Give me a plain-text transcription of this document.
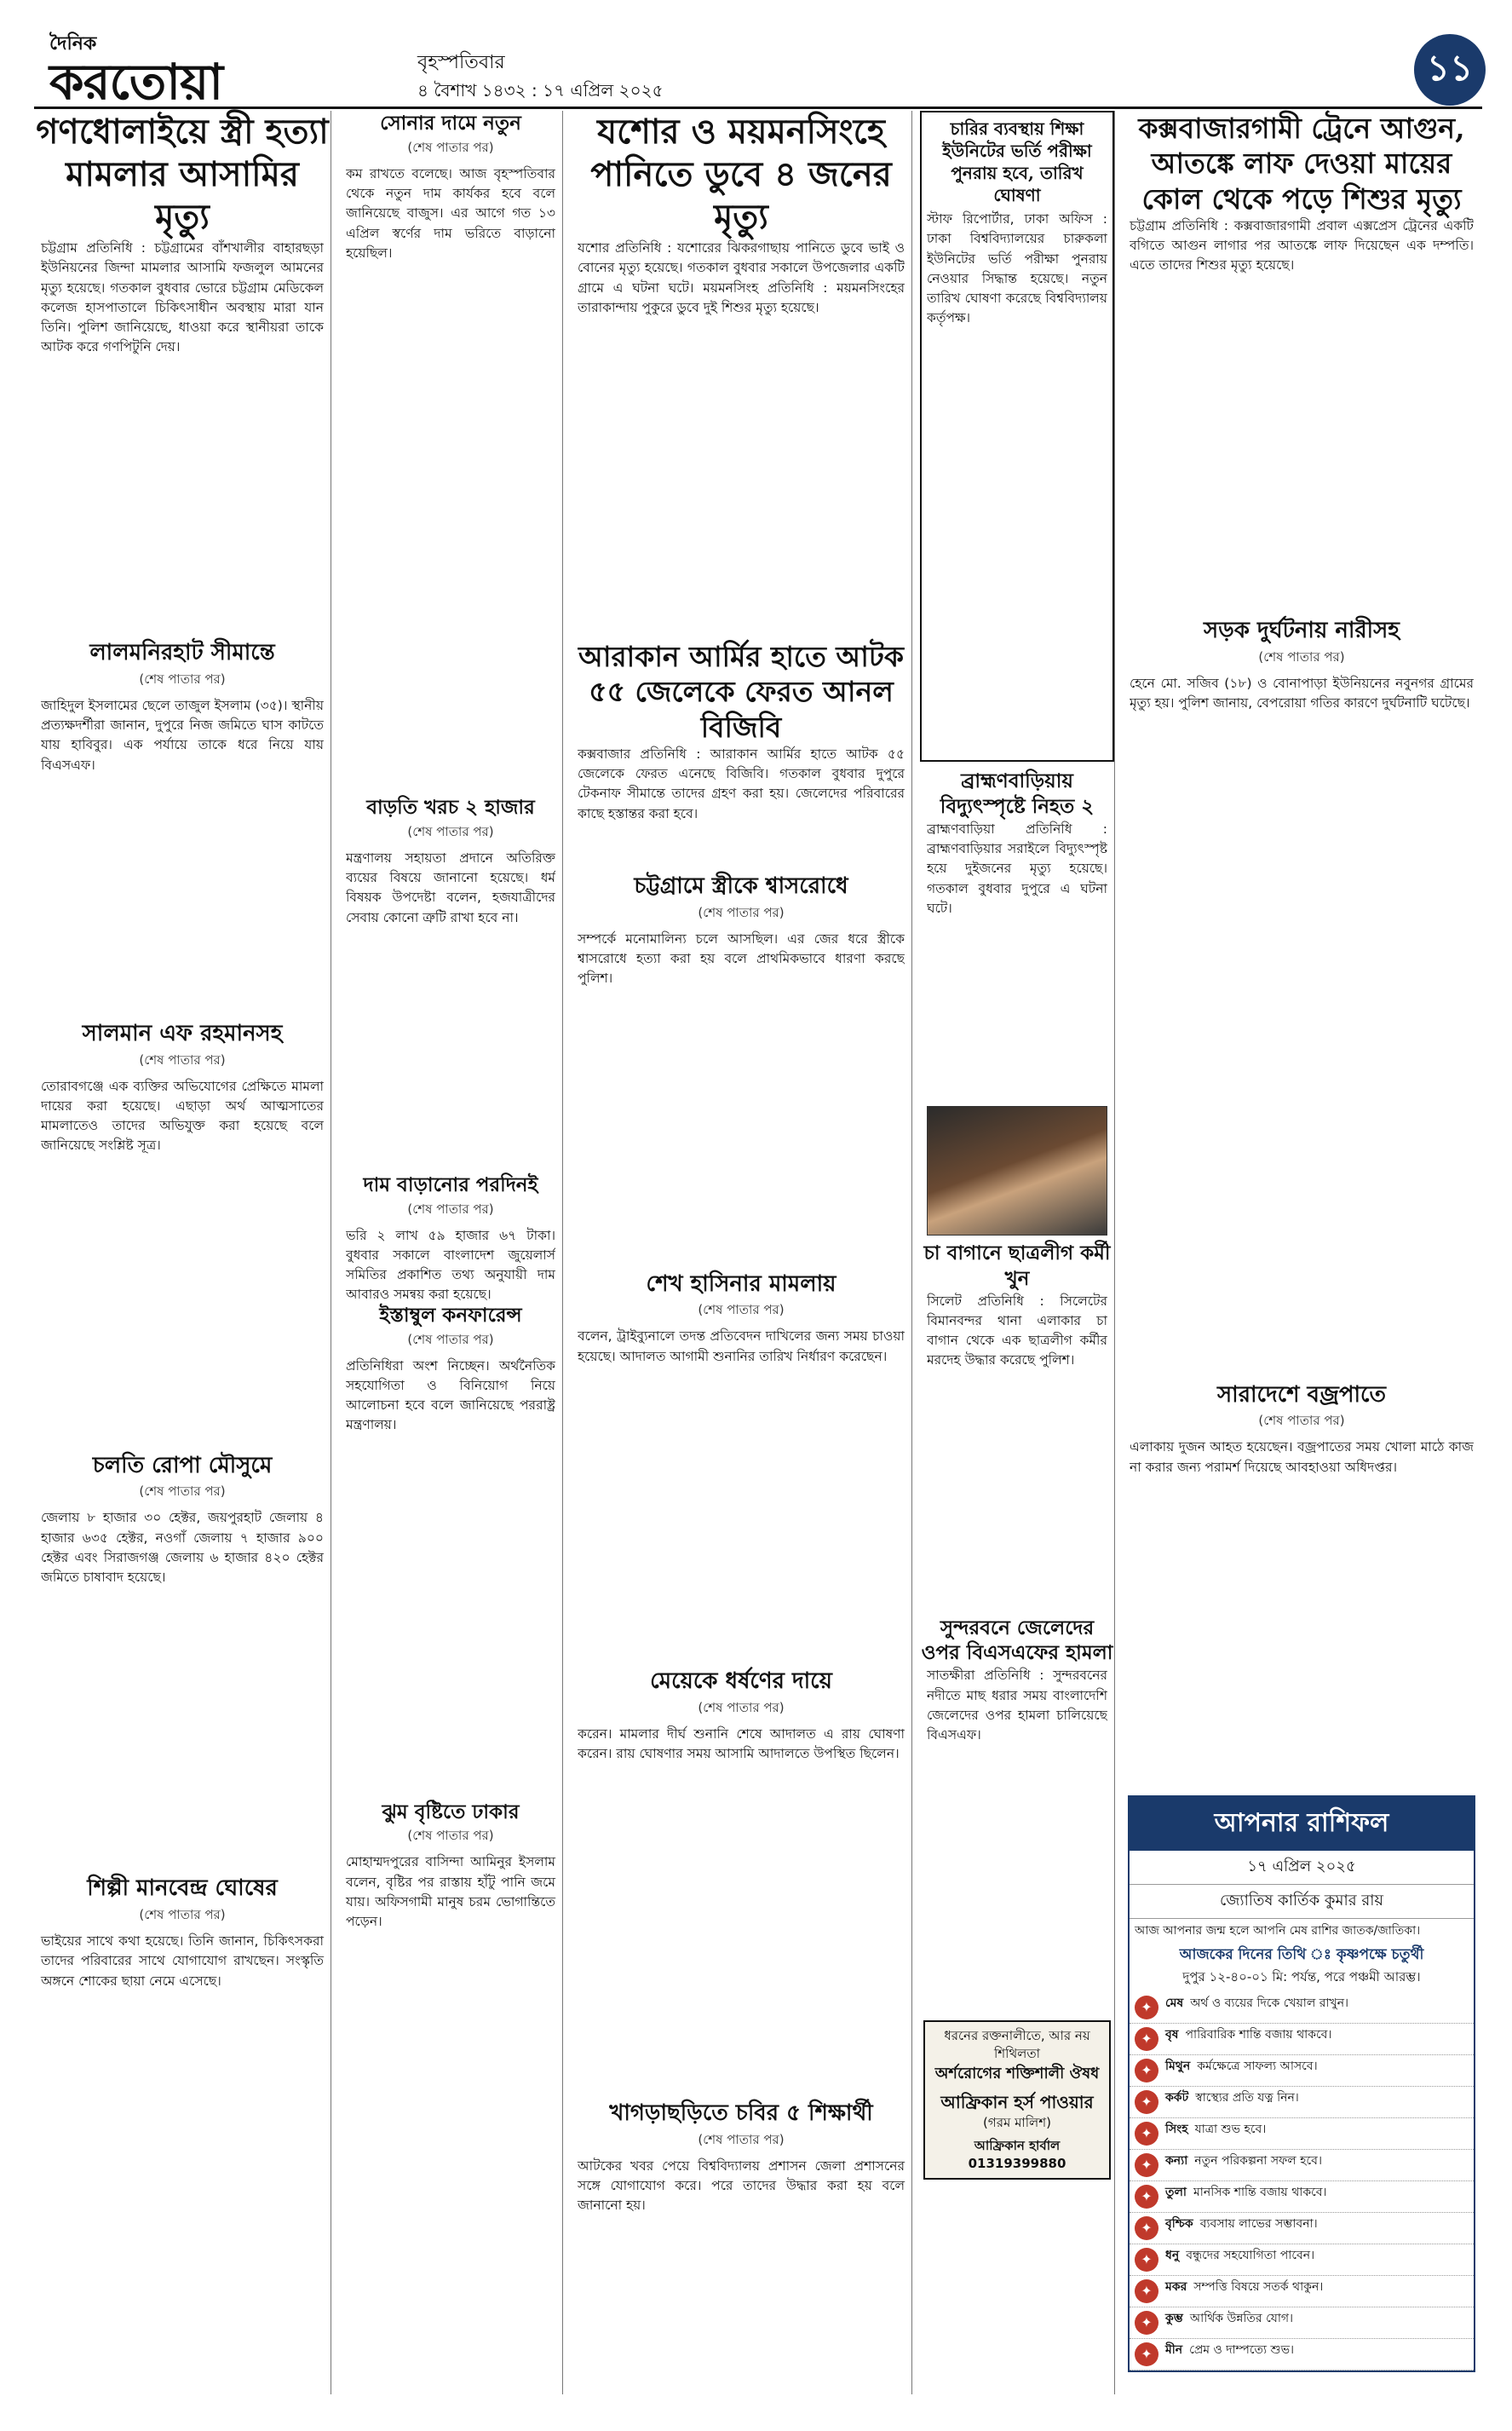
দৈনিক
করতোয়া	বৃহস্পতিবার
৪ বৈশাখ ১৪৩২ : ১৭ এপ্রিল ২০২৫
১১
গণধোলাইয়ে স্ত্রী হত্যা মামলার আসামির মৃত্যু

চট্টগ্রাম প্রতিনিধি : চট্টগ্রামের বাঁশখালীর বাহারছড়া ইউনিয়নের জিন্দা মামলার আসামি ফজলুল আমনের মৃত্যু হয়েছে। গতকাল বুধবার ভোরে চট্টগ্রাম মেডিকেল কলেজ হাসপাতালে চিকিৎসাধীন অবস্থায় মারা যান তিনি। পুলিশ জানিয়েছে, ধাওয়া করে স্থানীয়রা তাকে আটক করে গণপিটুনি দেয়।

লালমনিরহাট সীমান্তে
(শেষ পাতার পর)

জাহিদুল ইসলামের ছেলে তাজুল ইসলাম (৩৫)। স্থানীয় প্রত্যক্ষদর্শীরা জানান, দুপুরে নিজ জমিতে ঘাস কাটতে যায় হাবিবুর। এক পর্যায়ে তাকে ধরে নিয়ে যায় বিএসএফ।

সালমান এফ রহমানসহ
(শেষ পাতার পর)

তোরাবগঞ্জে এক ব্যক্তির অভিযোগের প্রেক্ষিতে মামলা দায়ের করা হয়েছে। এছাড়া অর্থ আত্মসাতের মামলাতেও তাদের অভিযুক্ত করা হয়েছে বলে জানিয়েছে সংশ্লিষ্ট সূত্র।

চলতি রোপা মৌসুমে
(শেষ পাতার পর)

জেলায় ৮ হাজার ৩০ হেক্টর, জয়পুরহাট জেলায় ৪ হাজার ৬৩৫ হেক্টর, নওগাঁ জেলায় ৭ হাজার ৯০০ হেক্টর এবং সিরাজগঞ্জ জেলায় ৬ হাজার ৪২০ হেক্টর জমিতে চাষাবাদ হয়েছে।

শিল্পী মানবেন্দ্র ঘোষের
(শেষ পাতার পর)

ভাইয়ের সাথে কথা হয়েছে। তিনি জানান, চিকিৎসকরা তাদের পরিবারের সাথে যোগাযোগ রাখছেন। সংস্কৃতি অঙ্গনে শোকের ছায়া নেমে এসেছে।

সোনার দামে নতুন
(শেষ পাতার পর)

কম রাখতে বলেছে। আজ বৃহস্পতিবার থেকে নতুন দাম কার্যকর হবে বলে জানিয়েছে বাজুস। এর আগে গত ১৩ এপ্রিল স্বর্ণের দাম ভরিতে বাড়ানো হয়েছিল।

বাড়তি খরচ ২ হাজার
(শেষ পাতার পর)

মন্ত্রণালয় সহায়তা প্রদানে অতিরিক্ত ব্যয়ের বিষয়ে জানানো হয়েছে। ধর্ম বিষয়ক উপদেষ্টা বলেন, হজযাত্রীদের সেবায় কোনো ত্রুটি রাখা হবে না।

দাম বাড়ানোর পরদিনই
(শেষ পাতার পর)

ভরি ২ লাখ ৫৯ হাজার ৬৭ টাকা। বুধবার সকালে বাংলাদেশ জুয়েলার্স সমিতির প্রকাশিত তথ্য অনুযায়ী দাম আবারও সমন্বয় করা হয়েছে।

ইস্তাম্বুল কনফারেন্স
(শেষ পাতার পর)

প্রতিনিধিরা অংশ নিচ্ছেন। অর্থনৈতিক সহযোগিতা ও বিনিয়োগ নিয়ে আলোচনা হবে বলে জানিয়েছে পররাষ্ট্র মন্ত্রণালয়।

ঝুম বৃষ্টিতে ঢাকার
(শেষ পাতার পর)

মোহাম্মদপুরের বাসিন্দা আমিনুর ইসলাম বলেন, বৃষ্টির পর রাস্তায় হাঁটু পানি জমে যায়। অফিসগামী মানুষ চরম ভোগান্তিতে পড়েন।

যশোর ও ময়মনসিংহে পানিতে ডুবে ৪ জনের মৃত্যু

যশোর প্রতিনিধি : যশোরের ঝিকরগাছায় পানিতে ডুবে ভাই ও বোনের মৃত্যু হয়েছে। গতকাল বুধবার সকালে উপজেলার একটি গ্রামে এ ঘটনা ঘটে। ময়মনসিংহ প্রতিনিধি : ময়মনসিংহের তারাকান্দায় পুকুরে ডুবে দুই শিশুর মৃত্যু হয়েছে।

আরাকান আর্মির হাতে আটক ৫৫ জেলেকে ফেরত আনল বিজিবি

কক্সবাজার প্রতিনিধি : আরাকান আর্মির হাতে আটক ৫৫ জেলেকে ফেরত এনেছে বিজিবি। গতকাল বুধবার দুপুরে টেকনাফ সীমান্তে তাদের গ্রহণ করা হয়। জেলেদের পরিবারের কাছে হস্তান্তর করা হবে।

চট্টগ্রামে স্ত্রীকে শ্বাসরোধে
(শেষ পাতার পর)

সম্পর্কে মনোমালিন্য চলে আসছিল। এর জের ধরে স্ত্রীকে শ্বাসরোধে হত্যা করা হয় বলে প্রাথমিকভাবে ধারণা করছে পুলিশ।

শেখ হাসিনার মামলায়
(শেষ পাতার পর)

বলেন, ট্রাইব্যুনালে তদন্ত প্রতিবেদন দাখিলের জন্য সময় চাওয়া হয়েছে। আদালত আগামী শুনানির তারিখ নির্ধারণ করেছেন।

মেয়েকে ধর্ষণের দায়ে
(শেষ পাতার পর)

করেন। মামলার দীর্ঘ শুনানি শেষে আদালত এ রায় ঘোষণা করেন। রায় ঘোষণার সময় আসামি আদালতে উপস্থিত ছিলেন।

খাগড়াছড়িতে চবির ৫ শিক্ষার্থী
(শেষ পাতার পর)

আটকের খবর পেয়ে বিশ্ববিদ্যালয় প্রশাসন জেলা প্রশাসনের সঙ্গে যোগাযোগ করে। পরে তাদের উদ্ধার করা হয় বলে জানানো হয়।

চারির ব্যবস্থায় শিক্ষা ইউনিটের ভর্তি পরীক্ষা পুনরায় হবে, তারিখ ঘোষণা

স্টাফ রিপোর্টার, ঢাকা অফিস : ঢাকা বিশ্ববিদ্যালয়ের চারুকলা ইউনিটের ভর্তি পরীক্ষা পুনরায় নেওয়ার সিদ্ধান্ত হয়েছে। নতুন তারিখ ঘোষণা করেছে বিশ্ববিদ্যালয় কর্তৃপক্ষ।

ব্রাহ্মণবাড়িয়ায় বিদ্যুৎস্পৃষ্টে নিহত ২

ব্রাহ্মণবাড়িয়া প্রতিনিধি : ব্রাহ্মণবাড়িয়ার সরাইলে বিদ্যুৎস্পৃষ্ট হয়ে দুইজনের মৃত্যু হয়েছে। গতকাল বুধবার দুপুরে এ ঘটনা ঘটে।

চা বাগানে ছাত্রলীগ কর্মী খুন

সিলেট প্রতিনিধি : সিলেটের বিমানবন্দর থানা এলাকার চা বাগান থেকে এক ছাত্রলীগ কর্মীর মরদেহ উদ্ধার করেছে পুলিশ।

সুন্দরবনে জেলেদের ওপর বিএসএফের হামলা

সাতক্ষীরা প্রতিনিধি : সুন্দরবনের নদীতে মাছ ধরার সময় বাংলাদেশি জেলেদের ওপর হামলা চালিয়েছে বিএসএফ।

ধরনের রক্তনালীতে, আর নয় শিথিলতা
অর্শরোগের শক্তিশালী ঔষধ
আফ্রিকান হর্স পাওয়ার
(গরম মালিশ)
আফ্রিকান হার্বাল 01319399880
কক্সবাজারগামী ট্রেনে আগুন, আতঙ্কে লাফ দেওয়া মায়ের কোল থেকে পড়ে শিশুর মৃত্যু

চট্টগ্রাম প্রতিনিধি : কক্সবাজারগামী প্রবাল এক্সপ্রেস ট্রেনের একটি বগিতে আগুন লাগার পর আতঙ্কে লাফ দিয়েছেন এক দম্পতি। এতে তাদের শিশুর মৃত্যু হয়েছে।

সড়ক দুর্ঘটনায় নারীসহ
(শেষ পাতার পর)

হেনে মো. সজিব (১৮) ও বোনাপাড়া ইউনিয়নের নবুনগর গ্রামের মৃত্যু হয়। পুলিশ জানায়, বেপরোয়া গতির কারণে দুর্ঘটনাটি ঘটেছে।

সারাদেশে বজ্রপাতে
(শেষ পাতার পর)

এলাকায় দুজন আহত হয়েছেন। বজ্রপাতের সময় খোলা মাঠে কাজ না করার জন্য পরামর্শ দিয়েছে আবহাওয়া অধিদপ্তর।

আপনার রাশিফল
১৭ এপ্রিল ২০২৫
জ্যোতিষ কার্তিক কুমার রায়
আজ আপনার জন্ম হলে আপনি মেষ রাশির জাতক/জাতিকা।
আজকের দিনের তিথি ঃ কৃষ্ণপক্ষে চতুর্থী
দুপুর ১২-৪০-০১ মি: পর্যন্ত, পরে পঞ্চমী আরম্ভ।
✦	মেষ অর্থ ও ব্যয়ের দিকে খেয়াল রাখুন।
✦	বৃষ পারিবারিক শান্তি বজায় থাকবে।
✦	মিথুন কর্মক্ষেত্রে সাফল্য আসবে।
✦	কর্কট স্বাস্থ্যের প্রতি যত্ন নিন।
✦	সিংহ যাত্রা শুভ হবে।
✦	কন্যা নতুন পরিকল্পনা সফল হবে।
✦	তুলা মানসিক শান্তি বজায় থাকবে।
✦	বৃশ্চিক ব্যবসায় লাভের সম্ভাবনা।
✦	ধনু বন্ধুদের সহযোগিতা পাবেন।
✦	মকর সম্পত্তি বিষয়ে সতর্ক থাকুন।
✦	কুম্ভ আর্থিক উন্নতির যোগ।
✦	মীন প্রেম ও দাম্পত্যে শুভ।
